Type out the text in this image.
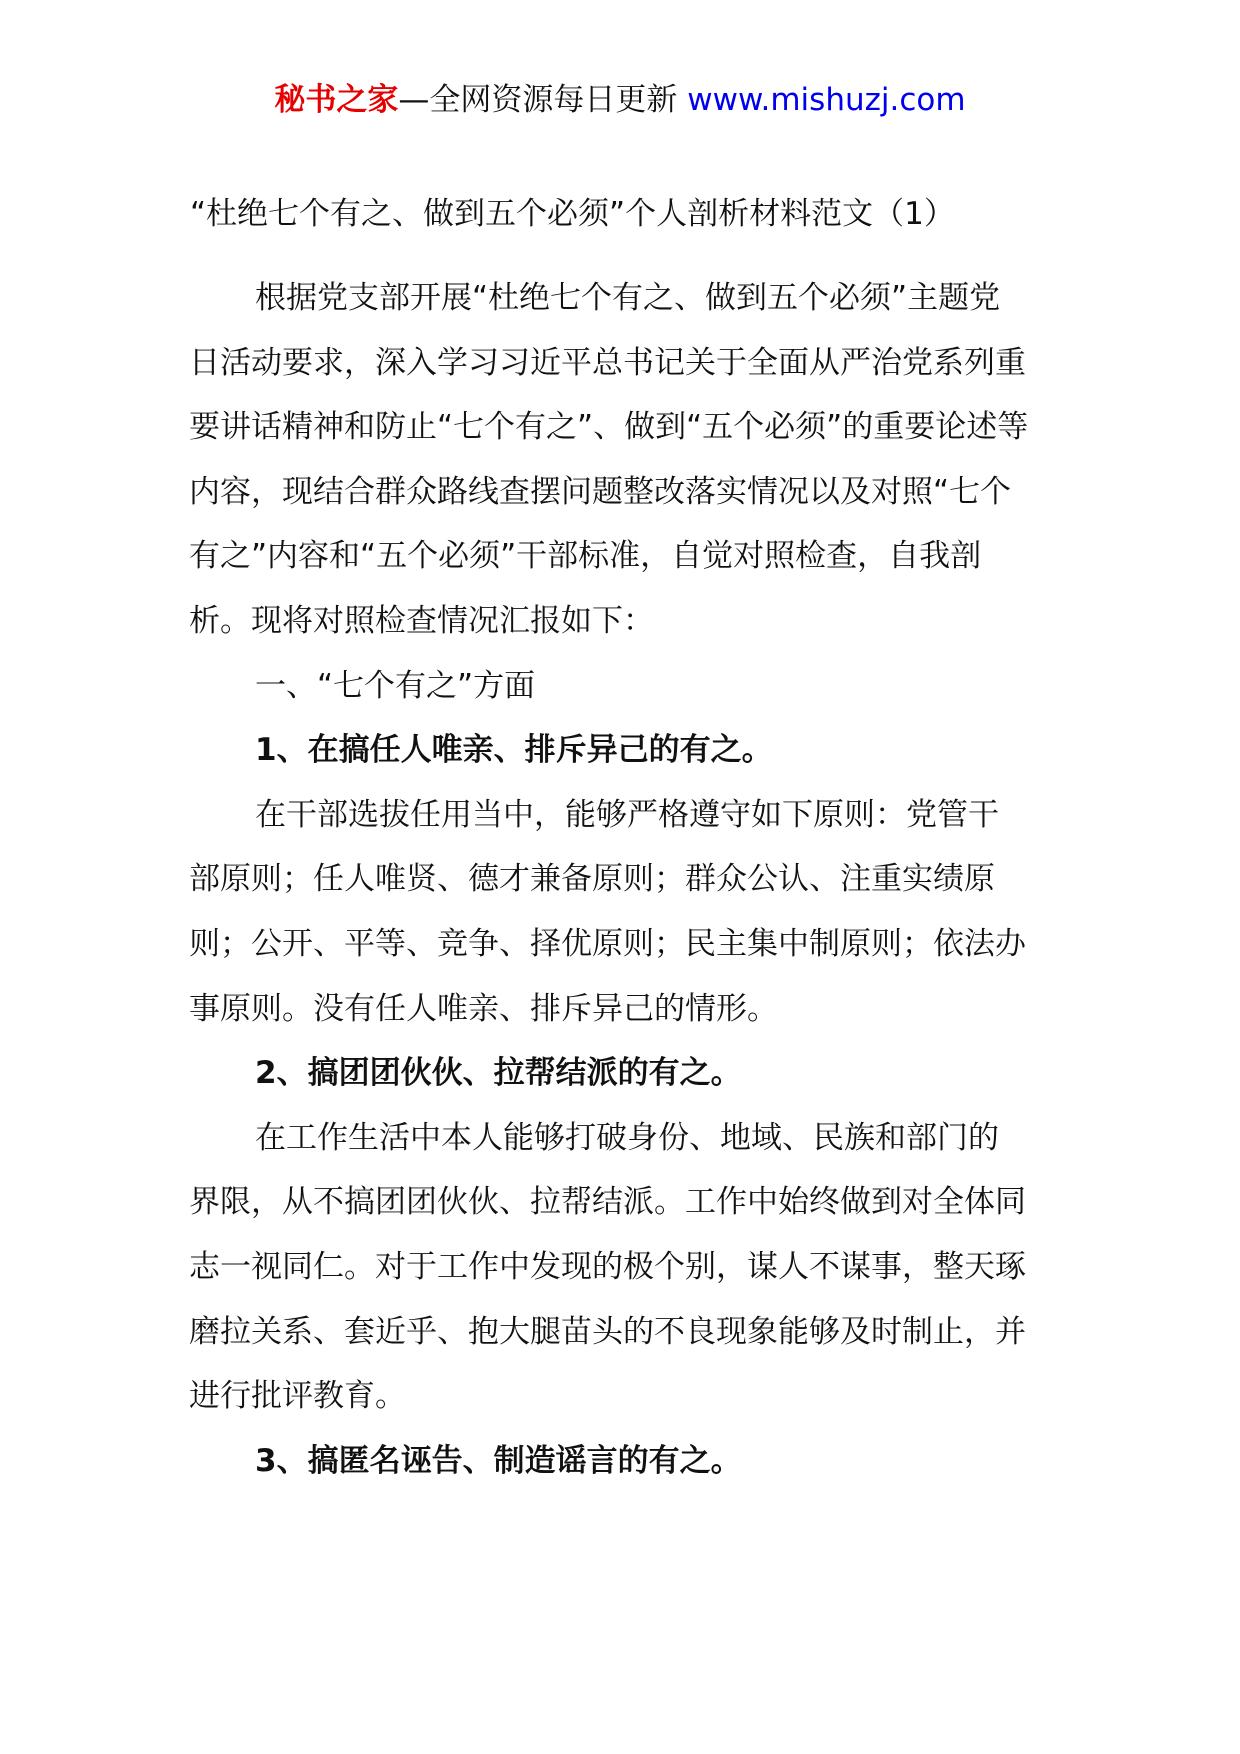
秘书之家—全网资源每日更新 www.mishuzj.com
“杜绝七个有之、做到五个必须”个人剖析材料范文（1）

根据党支部开展“杜绝七个有之、做到五个必须”主题党日活动要求，深入学习习近平总书记关于全面从严治党系列重要讲话精神和防止“七个有之”、做到“五个必须”的重要论述等内容，现结合群众路线查摆问题整改落实情况以及对照“七个有之”内容和“五个必须”干部标准，自觉对照检查，自我剖析。现将对照检查情况汇报如下：

一、“七个有之”方面

1、在搞任人唯亲、排斥异己的有之。

在干部选拔任用当中，能够严格遵守如下原则：党管干部原则；任人唯贤、德才兼备原则；群众公认、注重实绩原则；公开、平等、竞争、择优原则；民主集中制原则；依法办事原则。没有任人唯亲、排斥异己的情形。

2、搞团团伙伙、拉帮结派的有之。

在工作生活中本人能够打破身份、地域、民族和部门的界限，从不搞团团伙伙、拉帮结派。工作中始终做到对全体同志一视同仁。对于工作中发现的极个别，谋人不谋事，整天琢磨拉关系、套近乎、抱大腿苗头的不良现象能够及时制止，并进行批评教育。

3、搞匿名诬告、制造谣言的有之。
